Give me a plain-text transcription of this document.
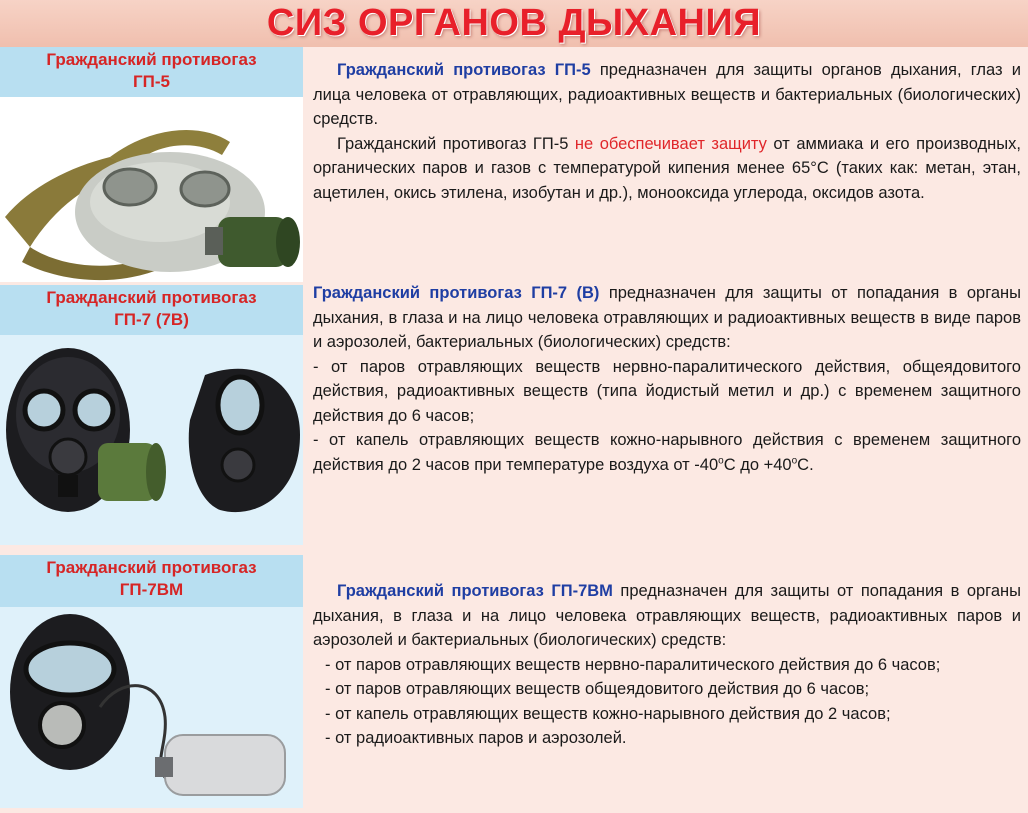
СИЗ ОРГАНОВ ДЫХАНИЯ
Гражданский противогаз
ГП-5

Гражданский противогаз ГП-5 предназначен для защиты органов дыхания, глаз и лица человека от отравляющих, радиоактивных веществ и бактериальных (биологических) средств.

Гражданский противогаз ГП-5 не обеспечивает защиту от аммиака и его производных, органических паров и газов с температурой кипения менее 65°С (таких как: метан, этан, ацетилен, окись этилена, изобутан и др.), монооксида углерода, оксидов азота.

Гражданский противогаз
ГП-7 (7В)

Гражданский противогаз ГП-7 (В) предназначен для защиты от попадания в органы дыхания, в глаза и на лицо человека отравляющих и радиоактивных веществ в виде паров и аэрозолей, бактериальных (биологических) средств:

- от паров отравляющих веществ нервно-паралитического действия, общеядовитого действия, радиоактивных веществ (типа йодистый метил и др.) с временем защитного действия до 6 часов;

- от капель отравляющих веществ кожно-нарывного действия с временем защитного действия до 2 часов при температуре воздуха от $-40^оС$ до $+40^оС$.

Гражданский противогаз
ГП-7ВМ	Гражданский противогаз ГП-7ВМ предназначен для защиты от попадания в органы дыхания, в глаза и на лицо человека отравляющих веществ, радиоактивных паров и аэрозолей и бактериальных (биологических) средств:

- от паров отравляющих веществ нервно-паралитического действия до 6 часов;

- от паров отравляющих веществ общеядовитого действия до 6 часов;

- от капель отравляющих веществ кожно-нарывного действия до 2 часов;

- от радиоактивных паров и аэрозолей.
